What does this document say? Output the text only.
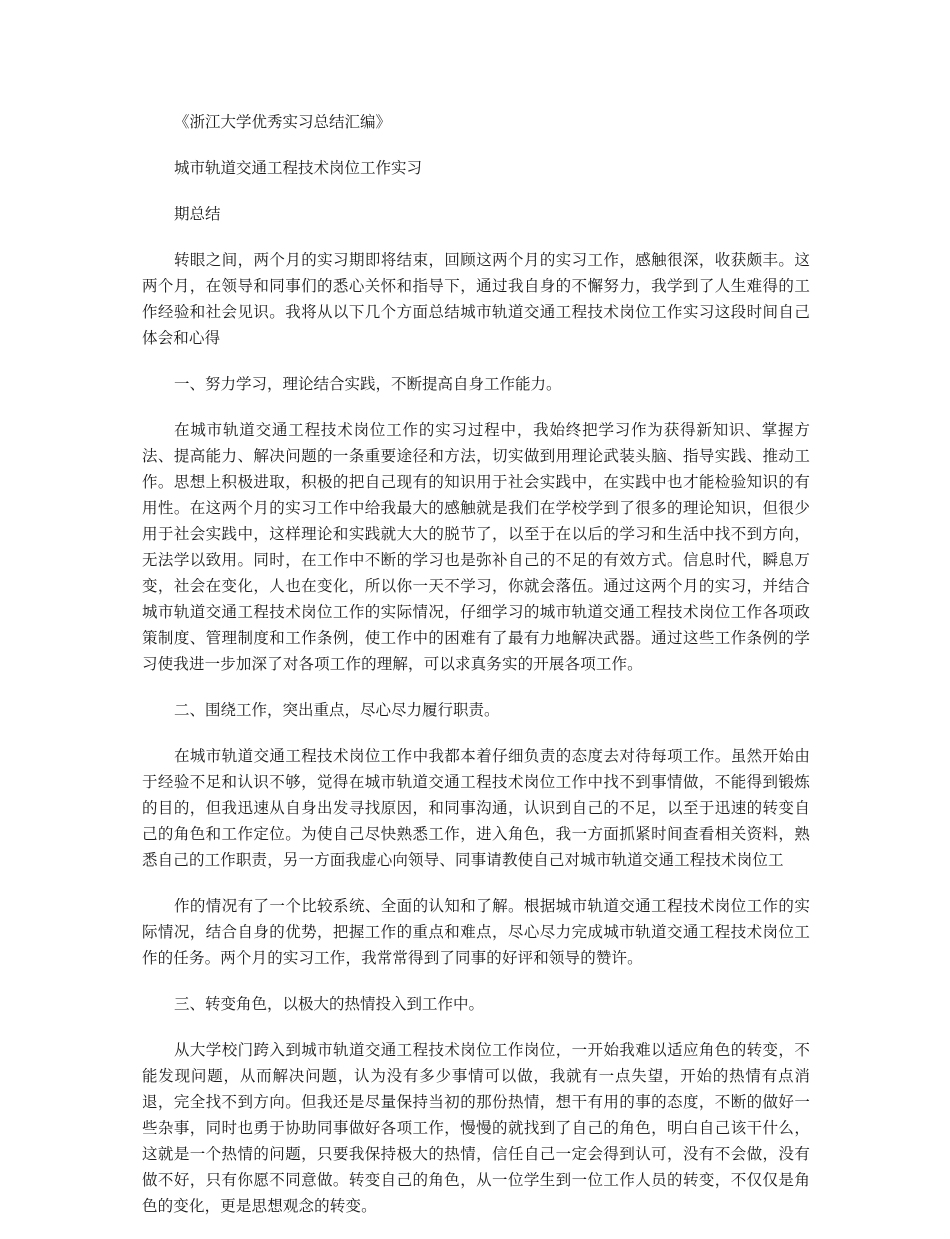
《浙江大学优秀实习总结汇编》

城市轨道交通工程技术岗位工作实习

期总结

转眼之间，两个月的实习期即将结束，回顾这两个月的实习工作，感触很深，收获颇丰。这两个月，在领导和同事们的悉心关怀和指导下，通过我自身的不懈努力，我学到了人生难得的工作经验和社会见识。我将从以下几个方面总结城市轨道交通工程技术岗位工作实习这段时间自己体会和心得

一、努力学习，理论结合实践，不断提高自身工作能力。

在城市轨道交通工程技术岗位工作的实习过程中，我始终把学习作为获得新知识、掌握方法、提高能力、解决问题的一条重要途径和方法，切实做到用理论武装头脑、指导实践、推动工作。思想上积极进取，积极的把自己现有的知识用于社会实践中，在实践中也才能检验知识的有用性。在这两个月的实习工作中给我最大的感触就是我们在学校学到了很多的理论知识，但很少用于社会实践中，这样理论和实践就大大的脱节了，以至于在以后的学习和生活中找不到方向，无法学以致用。同时，在工作中不断的学习也是弥补自己的不足的有效方式。信息时代，瞬息万变，社会在变化，人也在变化，所以你一天不学习，你就会落伍。通过这两个月的实习，并结合城市轨道交通工程技术岗位工作的实际情况，仔细学习的城市轨道交通工程技术岗位工作各项政策制度、管理制度和工作条例，使工作中的困难有了最有力地解决武器。通过这些工作条例的学习使我进一步加深了对各项工作的理解，可以求真务实的开展各项工作。

二、围绕工作，突出重点，尽心尽力履行职责。

在城市轨道交通工程技术岗位工作中我都本着仔细负责的态度去对待每项工作。虽然开始由于经验不足和认识不够，觉得在城市轨道交通工程技术岗位工作中找不到事情做，不能得到锻炼的目的，但我迅速从自身出发寻找原因，和同事沟通，认识到自己的不足，以至于迅速的转变自己的角色和工作定位。为使自己尽快熟悉工作，进入角色，我一方面抓紧时间查看相关资料，熟悉自己的工作职责，另一方面我虚心向领导、同事请教使自己对城市轨道交通工程技术岗位工

作的情况有了一个比较系统、全面的认知和了解。根据城市轨道交通工程技术岗位工作的实际情况，结合自身的优势，把握工作的重点和难点，尽心尽力完成城市轨道交通工程技术岗位工作的任务。两个月的实习工作，我常常得到了同事的好评和领导的赞许。

三、转变角色，以极大的热情投入到工作中。

从大学校门跨入到城市轨道交通工程技术岗位工作岗位，一开始我难以适应角色的转变，不能发现问题，从而解决问题，认为没有多少事情可以做，我就有一点失望，开始的热情有点消退，完全找不到方向。但我还是尽量保持当初的那份热情，想干有用的事的态度，不断的做好一些杂事，同时也勇于协助同事做好各项工作，慢慢的就找到了自己的角色，明白自己该干什么，这就是一个热情的问题，只要我保持极大的热情，信任自己一定会得到认可，没有不会做，没有做不好，只有你愿不同意做。转变自己的角色，从一位学生到一位工作人员的转变，不仅仅是角色的变化，更是思想观念的转变。
